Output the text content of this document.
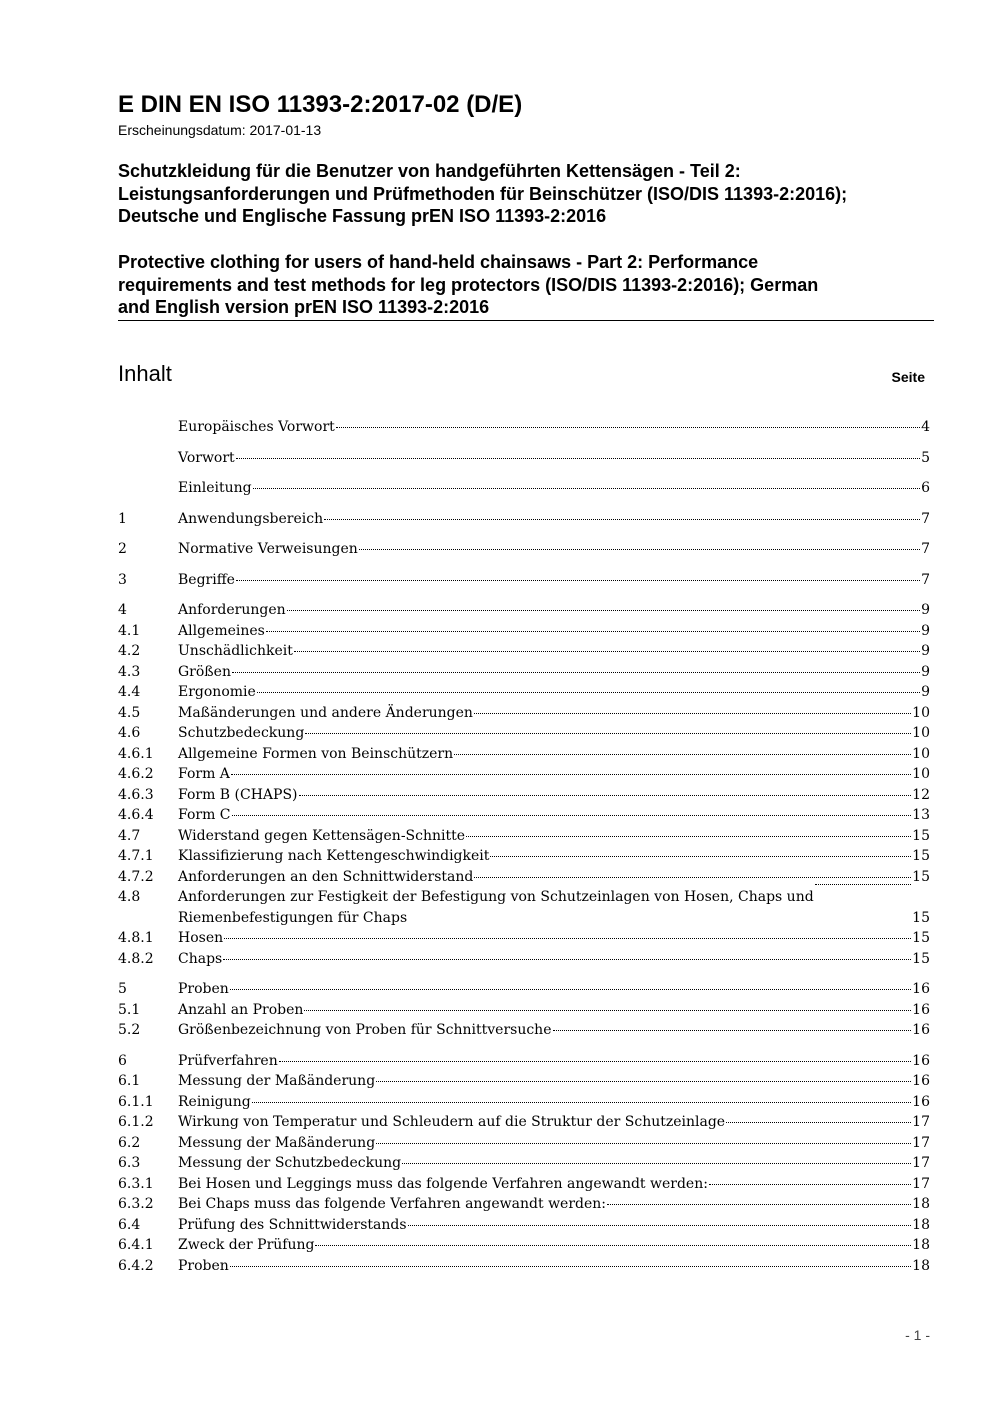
E DIN EN ISO 11393-2:2017-02 (D/E)
Erscheinungsdatum: 2017-01-13
Schutzkleidung für die Benutzer von handgeführten Kettensägen - Teil 2:
Leistungsanforderungen und Prüfmethoden für Beinschützer (ISO/DIS 11393-2:2016);
Deutsche und Englische Fassung prEN ISO 11393-2:2016
Protective clothing for users of hand-held chainsaws - Part 2: Performance
requirements and test methods for leg protectors (ISO/DIS 11393-2:2016); German
and English version prEN ISO 11393-2:2016
Inhalt	Seite
Europäisches Vorwort	4
Vorwort	5
Einleitung	6
1	Anwendungsbereich	7
2	Normative Verweisungen	7
3	Begriffe	7
4	Anforderungen	9
4.1	Allgemeines	9
4.2	Unschädlichkeit	9
4.3	Größen	9
4.4	Ergonomie	9
4.5	Maßänderungen und andere Änderungen	10
4.6	Schutzbedeckung	10
4.6.1	Allgemeine Formen von Beinschützern	10
4.6.2	Form A	10
4.6.3	Form B (CHAPS)	12
4.6.4	Form C	13
4.7	Widerstand gegen Kettensägen-Schnitte	15
4.7.1	Klassifizierung nach Kettengeschwindigkeit	15
4.7.2	Anforderungen an den Schnittwiderstand	15
4.8	Anforderungen zur Festigkeit der Befestigung von Schutzeinlagen von Hosen, Chaps und
Riemenbefestigungen für Chaps	15
4.8.1	Hosen	15
4.8.2	Chaps	15
5	Proben	16
5.1	Anzahl an Proben	16
5.2	Größenbezeichnung von Proben für Schnittversuche	16
6	Prüfverfahren	16
6.1	Messung der Maßänderung	16
6.1.1	Reinigung	16
6.1.2	Wirkung von Temperatur und Schleudern auf die Struktur der Schutzeinlage	17
6.2	Messung der Maßänderung	17
6.3	Messung der Schutzbedeckung	17
6.3.1	Bei Hosen und Leggings muss das folgende Verfahren angewandt werden:	17
6.3.2	Bei Chaps muss das folgende Verfahren angewandt werden:	18
6.4	Prüfung des Schnittwiderstands	18
6.4.1	Zweck der Prüfung	18
6.4.2	Proben	18
- 1 -
